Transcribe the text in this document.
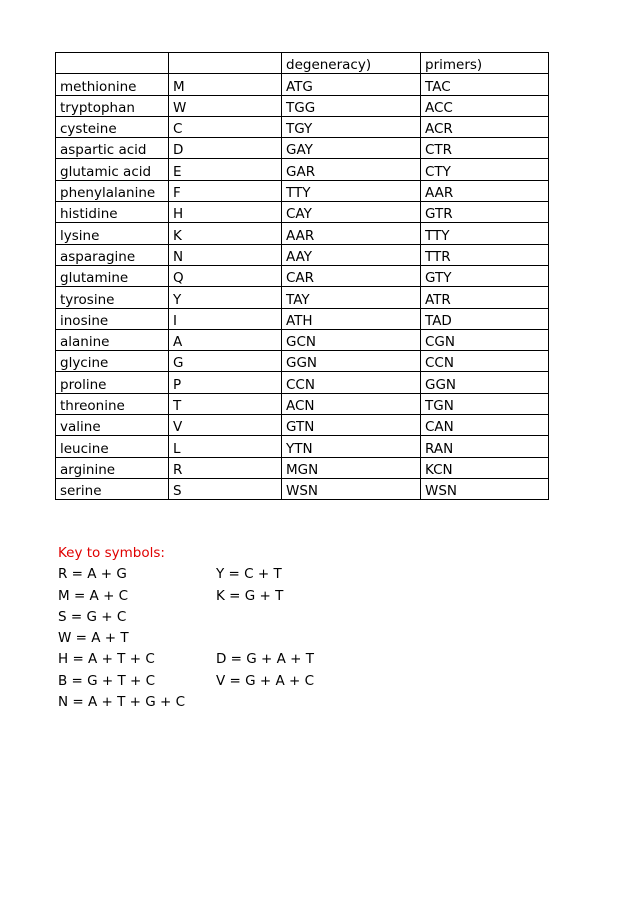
		degeneracy)	primers)
methionine	M	ATG	TAC
tryptophan	W	TGG	ACC
cysteine	C	TGY	ACR
aspartic acid	D	GAY	CTR
glutamic acid	E	GAR	CTY
phenylalanine	F	TTY	AAR
histidine	H	CAY	GTR
lysine	K	AAR	TTY
asparagine	N	AAY	TTR
glutamine	Q	CAR	GTY
tyrosine	Y	TAY	ATR
inosine	I	ATH	TAD
alanine	A	GCN	CGN
glycine	G	GGN	CCN
proline	P	CCN	GGN
threonine	T	ACN	TGN
valine	V	GTN	CAN
leucine	L	YTN	RAN
arginine	R	MGN	KCN
serine	S	WSN	WSN
Key to symbols:
R = A + G	Y = C + T
M = A + C	K = G + T
S = G + C
W = A + T
H = A + T + C	D = G + A + T
B = G + T + C	V = G + A + C
N = A + T + G + C
